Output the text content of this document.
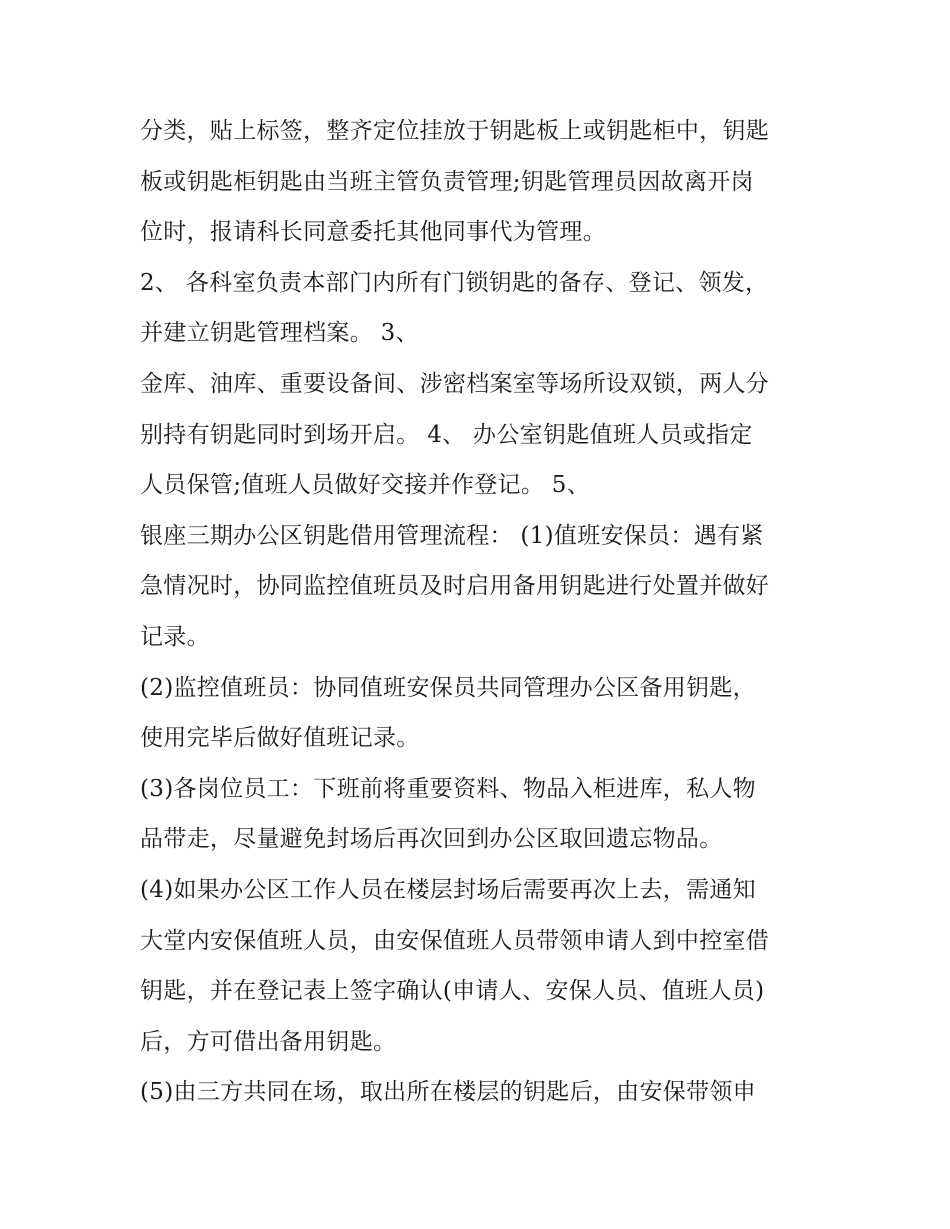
分类，贴上标签，整齐定位挂放于钥匙板上或钥匙柜中，钥匙
板或钥匙柜钥匙由当班主管负责管理;钥匙管理员因故离开岗
位时，报请科长同意委托其他同事代为管理。
2、 各科室负责本部门内所有门锁钥匙的备存、登记、领发，
并建立钥匙管理档案。 3、
金库、油库、重要设备间、涉密档案室等场所设双锁，两人分
别持有钥匙同时到场开启。 4、 办公室钥匙值班人员或指定
人员保管;值班人员做好交接并作登记。 5、
银座三期办公区钥匙借用管理流程： (1)值班安保员：遇有紧
急情况时，协同监控值班员及时启用备用钥匙进行处置并做好
记录。
(2)监控值班员：协同值班安保员共同管理办公区备用钥匙，
使用完毕后做好值班记录。
(3)各岗位员工：下班前将重要资料、物品入柜进库，私人物
品带走，尽量避免封场后再次回到办公区取回遗忘物品。
(4)如果办公区工作人员在楼层封场后需要再次上去，需通知
大堂内安保值班人员，由安保值班人员带领申请人到中控室借
钥匙，并在登记表上签字确认(申请人、安保人员、值班人员)
后，方可借出备用钥匙。
(5)由三方共同在场，取出所在楼层的钥匙后，由安保带领申
